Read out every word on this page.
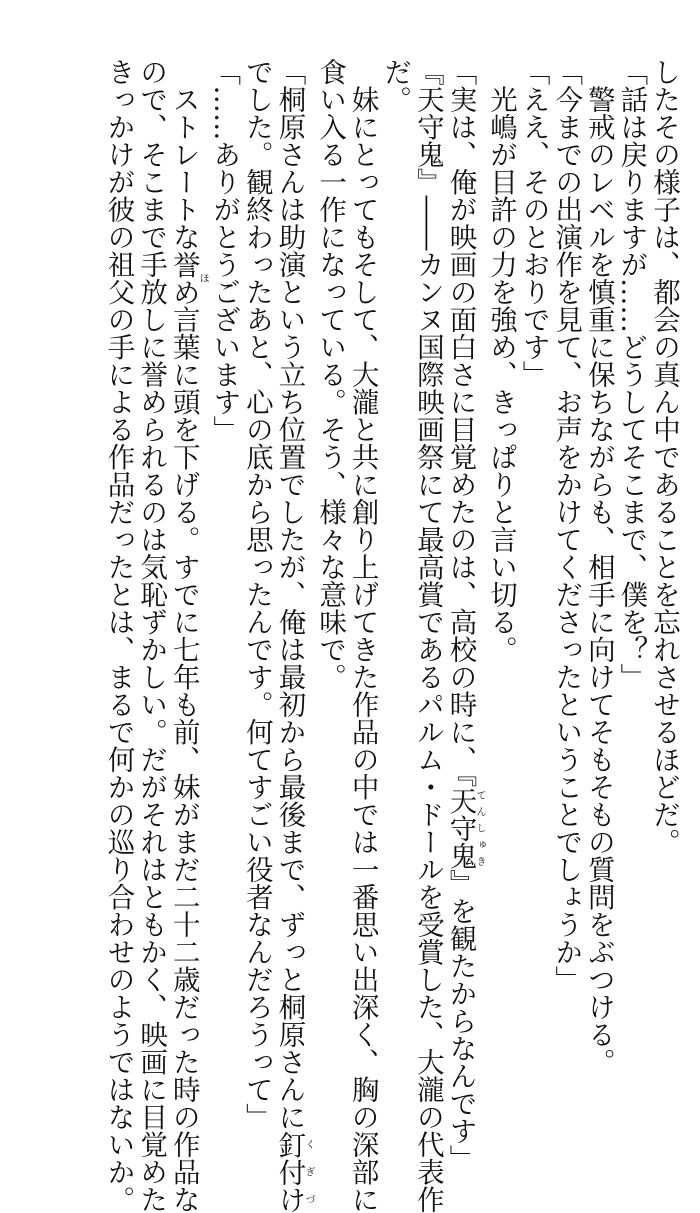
したその様子は、都会の真ん中であることを忘れさせるほどだ。
「話は戻りますが……どうしてそこまで、僕を？」
　警戒のレベルを慎重に保ちながらも、相手に向けてそもそもの質問をぶつける。
「今までの出演作を見て、お声をかけてくださったということでしょうか」
「ええ、そのとおりです」
　光嶋が目許の力を強め、きっぱりと言い切る。
「実は、俺が映画の面白さに目覚めたのは、高校の時に、『天守鬼てんしゅき』を観たからなんです」
『天守鬼』――カンヌ国際映画祭にて最高賞であるパルム・ドールを受賞した、大瀧の代表作
だ。
　妹にとってもそして、大瀧と共に創り上げてきた作品の中では一番思い出深く、胸の深部に
食い入る一作になっている。そう、様々な意味で。
「桐原さんは助演という立ち位置でしたが、俺は最初から最後まで、ずっと桐原さんに釘付けくぎづ
でした。観終わったあと、心の底から思ったんです。何てすごい役者なんだろうって」
「……ありがとうございます」
　ストレートな誉めほ言葉に頭を下げる。すでに七年も前、妹がまだ二十二歳だった時の作品な
ので、そこまで手放しに誉められるのは気恥ずかしい。だがそれはともかく、映画に目覚めた
きっかけが彼の祖父の手による作品だったとは、まるで何かの巡り合わせのようではないか。
